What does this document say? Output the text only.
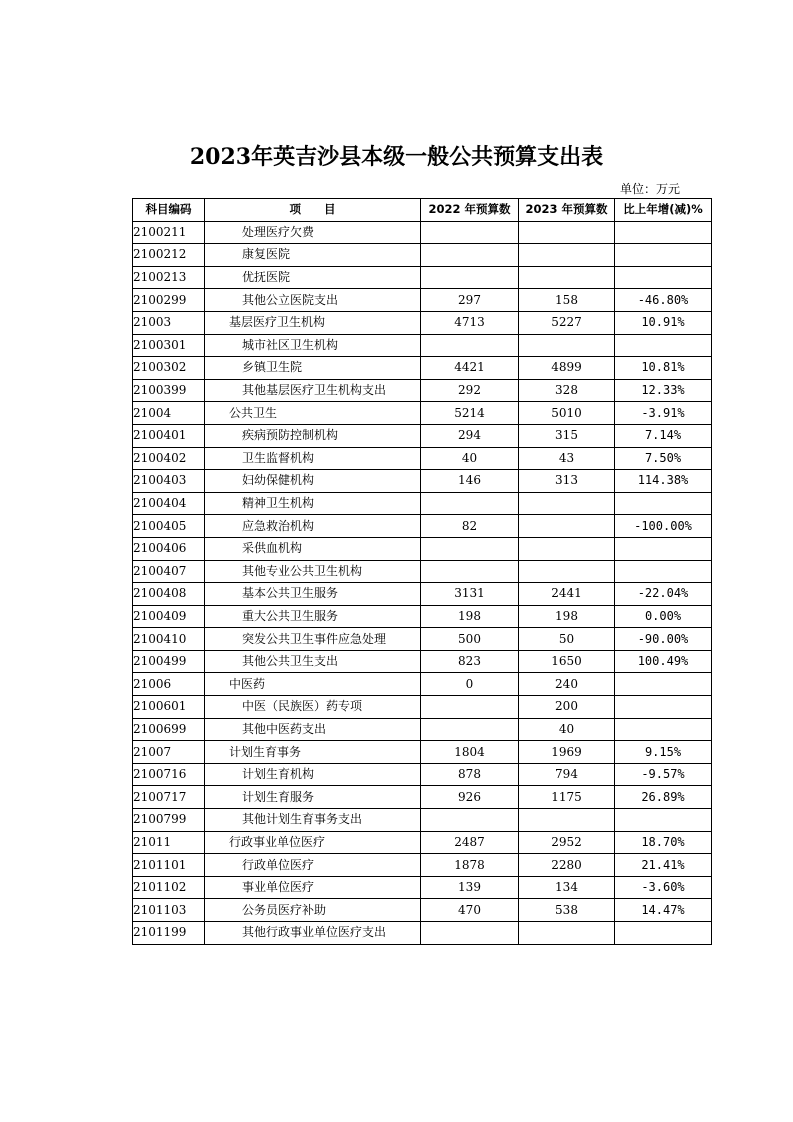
2023年英吉沙县本级一般公共预算支出表
单位：万元
科目编码	项　　目	2022 年预算数	2023 年预算数	比上年增(减)%
2100211	处理医疗欠费			
2100212	康复医院			
2100213	优抚医院			
2100299	其他公立医院支出	297	158	-46.80%
21003	基层医疗卫生机构	4713	5227	10.91%
2100301	城市社区卫生机构			
2100302	乡镇卫生院	4421	4899	10.81%
2100399	其他基层医疗卫生机构支出	292	328	12.33%
21004	公共卫生	5214	5010	-3.91%
2100401	疾病预防控制机构	294	315	7.14%
2100402	卫生监督机构	40	43	7.50%
2100403	妇幼保健机构	146	313	114.38%
2100404	精神卫生机构			
2100405	应急救治机构	82		-100.00%
2100406	采供血机构			
2100407	其他专业公共卫生机构			
2100408	基本公共卫生服务	3131	2441	-22.04%
2100409	重大公共卫生服务	198	198	0.00%
2100410	突发公共卫生事件应急处理	500	50	-90.00%
2100499	其他公共卫生支出	823	1650	100.49%
21006	中医药	0	240	
2100601	中医（民族医）药专项		200	
2100699	其他中医药支出		40	
21007	计划生育事务	1804	1969	9.15%
2100716	计划生育机构	878	794	-9.57%
2100717	计划生育服务	926	1175	26.89%
2100799	其他计划生育事务支出			
21011	行政事业单位医疗	2487	2952	18.70%
2101101	行政单位医疗	1878	2280	21.41%
2101102	事业单位医疗	139	134	-3.60%
2101103	公务员医疗补助	470	538	14.47%
2101199	其他行政事业单位医疗支出			
